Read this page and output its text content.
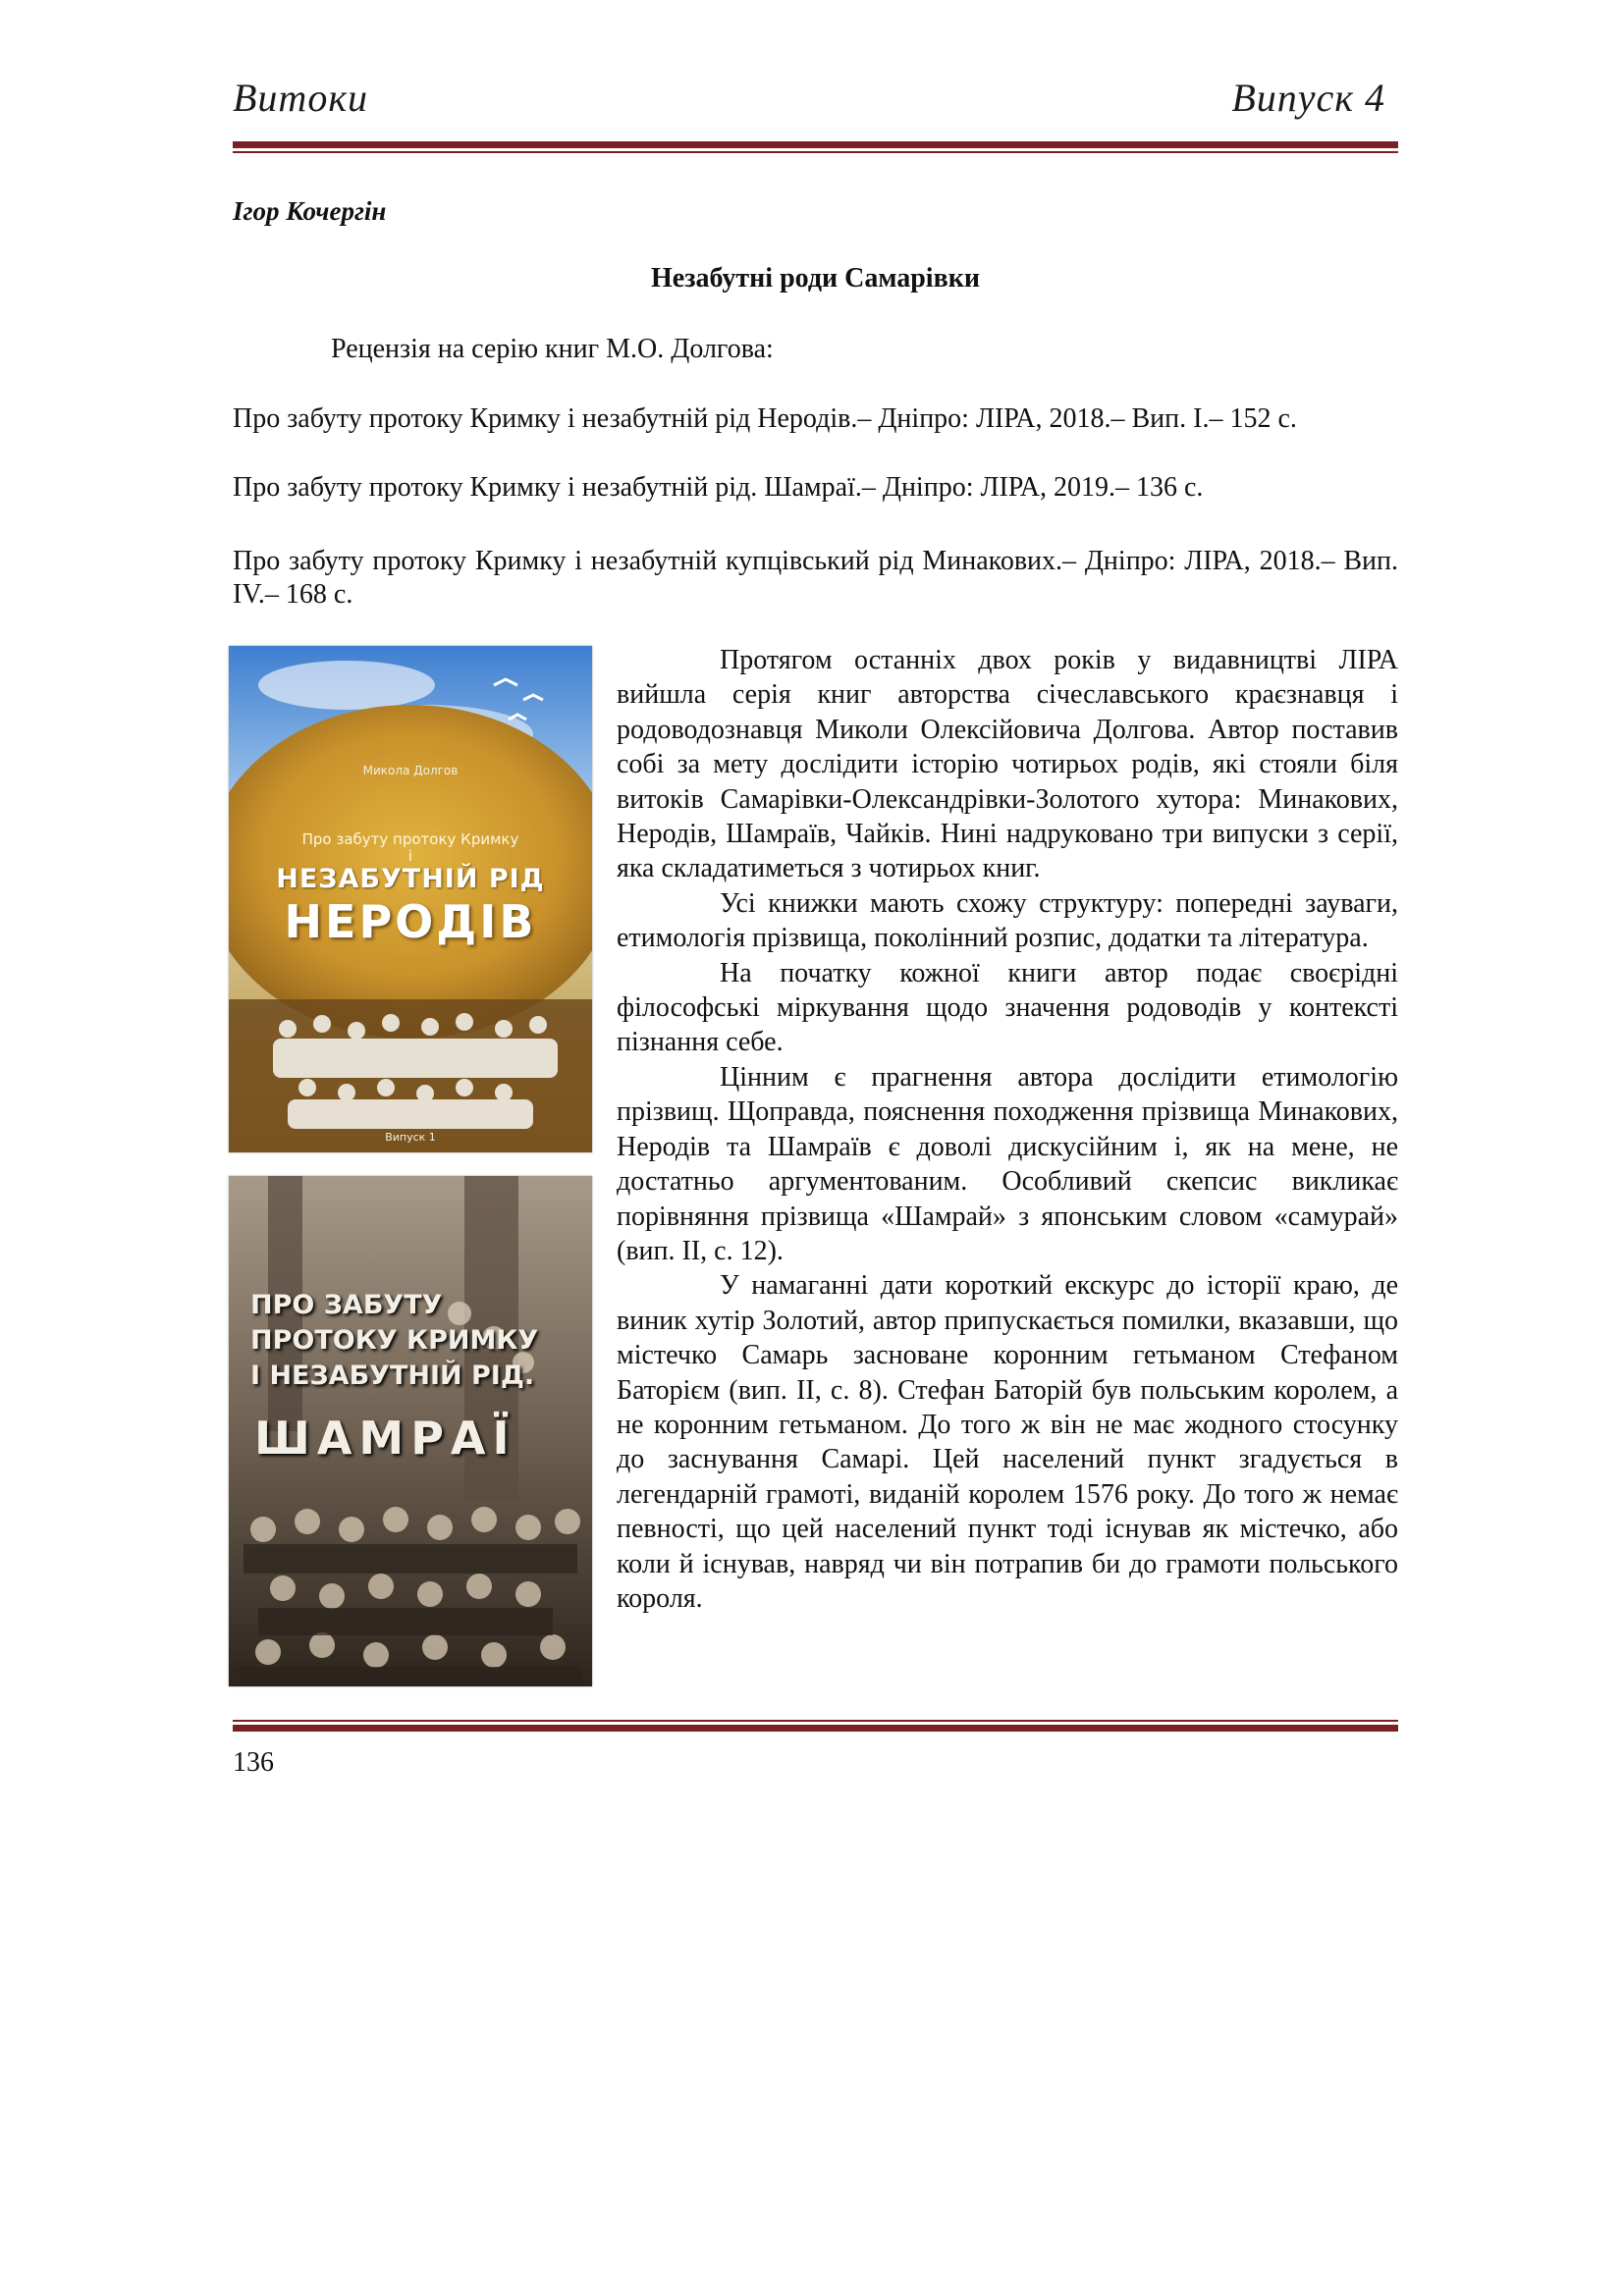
Витоки	Випуск 4
Ігор Кочергін
Незабутні роди Самарівки
Рецензія на серію книг М.О. Долгова:
Про забуту протоку Кримку і незабутній рід Неродів.– Дніпро: ЛІРА, 2018.– Вип. I.– 152 с.
Про забуту протоку Кримку і незабутній рід. Шамраї.– Дніпро: ЛІРА, 2019.– 136 с.
Про забуту протоку Кримку і незабутній купцівський рід Минакових.– Дніпро: ЛІРА, 2018.– Вип. IV.– 168 с.
Микола Долгов
Про забуту протоку Кримку
і
НЕЗАБУТНІЙ РІД
НЕРОДІВ
Випуск 1
ПРО ЗАБУТУ
ПРОТОКУ КРИМКУ
І НЕЗАБУТНІЙ РІД.
ШАМРАЇ

Протягом останніх двох років у видавництві ЛІРА вийшла серія книг авторства січеславського краєзнавця і родоводознавця Миколи Олексійовича Долгова. Автор поставив собі за мету дослідити історію чотирьох родів, які стояли біля витоків Самарівки-Олександрівки-Золотого хутора: Минакових, Неродів, Шамраїв, Чайків. Нині надруковано три випуски з серії, яка складатиметься з чотирьох книг.

Усі книжки мають схожу структуру: попередні зауваги, етимологія прізвища, поколінний розпис, додатки та література.

На початку кожної книги автор подає своєрідні філософські міркування щодо значення родоводів у контексті пізнання себе.

Цінним є прагнення автора дослідити етимологію прізвищ. Щоправда, пояснення походження прізвища Минакових, Неродів та Шамраїв є доволі дискусійним і, як на мене, не достатньо аргументованим. Особливий скепсис викликає порівняння прізвища «Шамрай» з японським словом «самурай» (вип. II, с. 12).

У намаганні дати короткий екскурс до історії краю, де виник хутір Золотий, автор припускається помилки, вказавши, що містечко Самарь засноване коронним гетьманом Стефаном Баторієм (вип. II, с. 8). Стефан Баторій був польським королем, а не коронним гетьманом. До того ж він не має жодного стосунку до заснування Самарі. Цей населений пункт згадується в легендарній грамоті, виданій королем 1576 року. До того ж немає певності, що цей населений пункт тоді існував як містечко, або коли й існував, навряд чи він потрапив би до грамоти польського короля.

136
